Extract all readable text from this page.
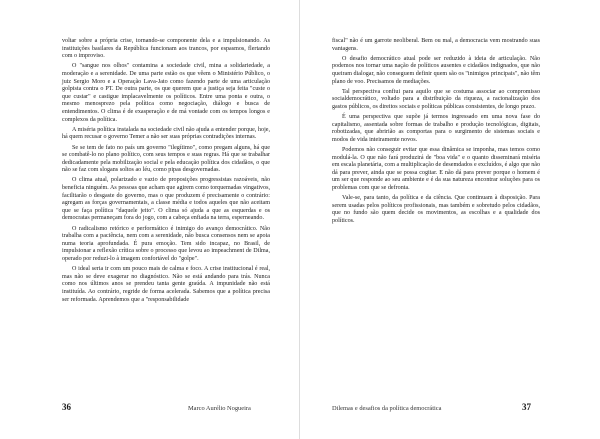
voltar sobre a própria crise, tornando-se componente dela e a impulsionando. As instituições basilares da República funcionam aos trancos, por espasmos, flertando com o improviso.

O "sangue nos olhos" contamina a sociedade civil, mina a solidariedade, a moderação e a serenidade. De uma parte estão os que vêem o Ministério Público, o juiz Sergio Moro e a Operação Lava-Jato como fazendo parte de uma articulação golpista contra o PT. De outra parte, os que querem que a justiça seja feita "custe o que custar" e castigue implacavelmente os políticos. Entre uma ponta e outra, o mesmo menosprezo pela política como negociação, diálogo e busca de entendimentos. O clima é de exasperação e de má vontade com os tempos longos e complexos da política.

A miséria política instalada na sociedade civil não ajuda a entender porque, hoje, há quem recusar o governo Temer a não ser suas próprias contradições internas.

Se se tem de fato no país um governo "ilegítimo", como pregam alguns, há que se combatê-lo no plano político, com seus tempos e suas regras. Há que se trabalhar dedicadamente pela mobilização social e pela educação política dos cidadãos, o que não se faz com slogans soltos ao léu, como pipas desgovernadas.

O clima atual, polarizado e vazio de proposições progressistas razoáveis, não beneficia ninguém. As pessoas que acham que agirem como torquemadas vingativos, facilitarão o desgaste do governo, mas o que produzem é precisamente o contrário: agregam as forças governamentais, a classe média e todos aqueles que não aceitam que se faça política "daquele jeito". O clima só ajuda a que as esquerdas e os democratas permaneçam fora do jogo, com a cabeça enfiada na terra, esperneando.

O radicalismo retórico e performático é inimigo do avanço democrático. Não trabalha com a paciência, nem com a serenidade, não busca consensos nem se apoia numa teoria aprofundada. É pura emoção. Tem sido incapaz, no Brasil, de impulsionar a reflexão crítica sobre o processo que levou ao impeachment de Dilma, operado por reduzi-lo à imagem confortável do "golpe".

O ideal seria ir com um pouco mais de calma e foco. A crise institucional é real, mas não se deve exagerar no diagnóstico. Não se está andando para trás. Nunca como nos últimos anos se prendeu tanta gente graúda. A impunidade não está instituída. Ao contrário, regride de forma acelerada. Sabemos que a política precisa ser reformada. Aprendemos que a "responsabilidade

36	Marco Aurélio Nogueira

fiscal" não é um garrote neoliberal. Bem ou mal, a democracia vem mostrando suas vantagens.

O desafio democrático atual pode ser reduzido à ideia de articulação. Não podemos nos tornar uma nação de políticos ausentes e cidadãos indignados, que não queiram dialogar, não conseguem definir quem são os "inimigos principais", não têm plano de voo. Precisamos de mediações.

Tal perspectiva confiui para aquilo que se costuma associar ao compromisso socialdemocrático, voltado para a distribuição da riqueza, a racionalização dos gastos públicos, os direitos sociais e políticas públicas consistentes, de longo prazo.

É uma perspectiva que supõe já termos ingressado em uma nova fase do capitalismo, assentada sobre formas de trabalho e produção tecnológicas, digitais, robotizadas, que abririão as comportas para o surgimento de sistemas sociais e modos de vida inteiramente novos.

Podemos não conseguir evitar que essa dinâmica se imponha, mas temos como modulá-la. O que não fará produzirá de "boa vida" e o quanto disseminará miséria em escala planetária, com a multiplicação de desemdados e excluídos, é algo que não dá para prever, ainda que se possa cogitar. E não dá para prever porque o homem é um ser que responde ao seu ambiente e é da sua natureza encontrar soluções para os problemas com que se defronta.

Vale-se, para tanto, da política e da ciência. Que continuam à disposição. Para serem usadas pelos políticos profissionais, mas também e sobretudo pelos cidadãos, que no fundo são quem decide os movimentos, as escolhas e a qualidade dos políticos.

Dilemas e desafios da política democrática	37
